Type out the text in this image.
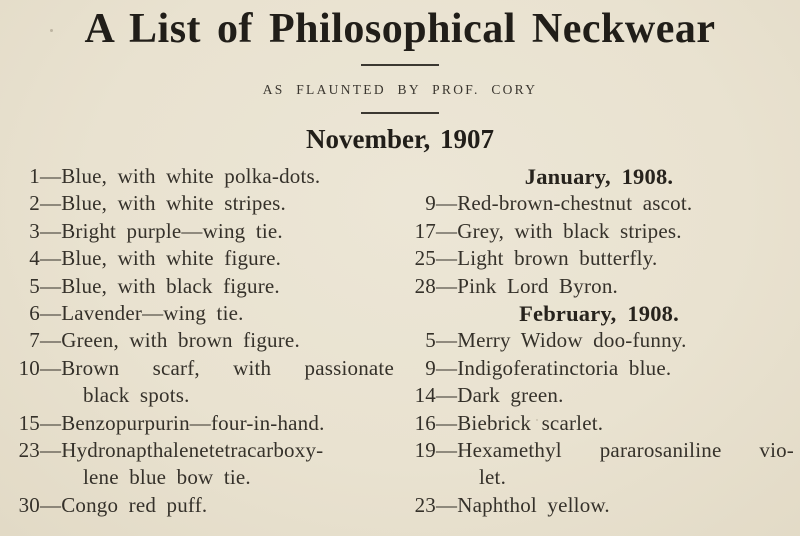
A List of Philosophical Neckwear
AS FLAUNTED BY PROF. CORY
November, 1907
1 — Blue, with white polka-dots.
2 — Blue, with white stripes.
3 — Bright purple—wing tie.
4 — Blue, with white figure.
5 — Blue, with black figure.
6 — Lavender—wing tie.
7 — Green, with brown figure.
10 — Brown scarf, with passionate
black spots.
15 — Benzopurpurin—four-in-hand.
23 — Hydronapthalenetetracarboxy-
lene blue bow tie.
30 — Congo red puff.
January, 1908.
9 — Red-brown-chestnut ascot.
17 — Grey, with black stripes.
25 — Light brown butterfly.
28 — Pink Lord Byron.
February, 1908.
5 — Merry Widow doo-funny.
9 — Indigoferatinctoria blue.
14 — Dark green.
16 — Biebrick scarlet.
19 — Hexamethyl pararosaniline vio-
let.
23 — Naphthol yellow.
